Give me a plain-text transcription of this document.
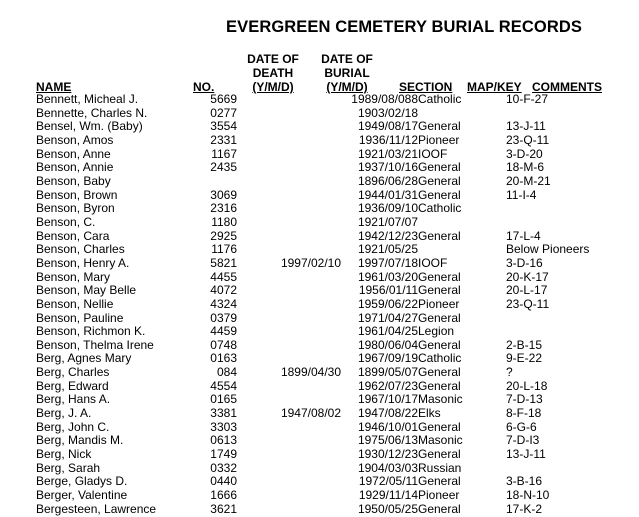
EVERGREEN CEMETERY BURIAL RECORDS
DATE OF
DEATH
(Y/M/D)
DATE OF
BURIAL
(Y/M/D)
NAME	NO.	SECTION MAP/KEY COMMENTS
Bennett, Micheal J.	5669		1989/08/088	Catholic	10-F-27
Bennette, Charles N.	0277		1903/02/18		
Bensel, Wm. (Baby)	3554		1949/08/17	General	13-J-11
Benson, Amos	2331		1936/11/12	Pioneer	23-Q-11
Benson, Anne	1167		1921/03/21	IOOF	3-D-20
Benson, Annie	2435		1937/10/16	General	18-M-6
Benson, Baby			1896/06/28	General	20-M-21
Benson, Brown	3069		1944/01/31	General	11-I-4
Benson, Byron	2316		1936/09/10	Catholic	
Benson, C.	1180		1921/07/07		
Benson, Cara	2925		1942/12/23	General	17-L-4
Benson, Charles	1176		1921/05/25		Below Pioneers
Benson, Henry A.	5821	1997/02/10	1997/07/18	IOOF	3-D-16
Benson, Mary	4455		1961/03/20	General	20-K-17
Benson, May Belle	4072		1956/01/11	General	20-L-17
Benson, Nellie	4324		1959/06/22	Pioneer	23-Q-11
Benson, Pauline	0379		1971/04/27	General	
Benson, Richmon K.	4459		1961/04/25	Legion	
Benson, Thelma Irene	0748		1980/06/04	General	2-B-15
Berg, Agnes Mary	0163		1967/09/19	Catholic	9-E-22
Berg, Charles	084	1899/04/30	1899/05/07	General	?
Berg, Edward	4554		1962/07/23	General	20-L-18
Berg, Hans A.	0165		1967/10/17	Masonic	7-D-13
Berg, J. A.	3381	1947/08/02	1947/08/22	Elks	8-F-18
Berg, John C.	3303		1946/10/01	General	6-G-6
Berg, Mandis M.	0613		1975/06/13	Masonic	7-D-I3
Berg, Nick	1749		1930/12/23	General	13-J-11
Berg, Sarah	0332		1904/03/03	Russian	
Berge, Gladys D.	0440		1972/05/11	General	3-B-16
Berger, Valentine	1666		1929/11/14	Pioneer	18-N-10
Bergesteen, Lawrence	3621		1950/05/25	General	17-K-2
